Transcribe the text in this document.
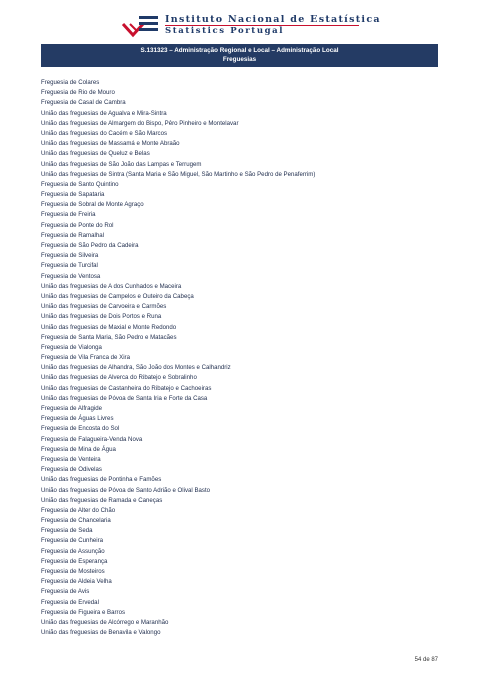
Instituto Nacional de Estatística
Statistics Portugal
S.131323 – Administração Regional e Local – Administração Local
Freguesias
Freguesia de Colares
Freguesia de Rio de Mouro
Freguesia de Casal de Cambra
União das freguesias de Agualva e Mira-Sintra
União das freguesias de Almargem do Bispo, Pêro Pinheiro e Montelavar
União das freguesias do Cacém e São Marcos
União das freguesias de Massamá e Monte Abraão
União das freguesias de Queluz e Belas
União das freguesias de São João das Lampas e Terrugem
União das freguesias de Sintra (Santa Maria e São Miguel, São Martinho e São Pedro de Penaferrim)
Freguesia de Santo Quintino
Freguesia de Sapataria
Freguesia de Sobral de Monte Agraço
Freguesia de Freiria
Freguesia de Ponte do Rol
Freguesia de Ramalhal
Freguesia de São Pedro da Cadeira
Freguesia de Silveira
Freguesia de Turcifal
Freguesia de Ventosa
União das freguesias de A dos Cunhados e Maceira
União das freguesias de Campelos e Outeiro da Cabeça
União das freguesias de Carvoeira e Carmões
União das freguesias de Dois Portos e Runa
União das freguesias de Maxial e Monte Redondo
Freguesia de Santa Maria, São Pedro e Matacães
Freguesia de Vialonga
Freguesia de Vila Franca de Xira
União das freguesias de Alhandra, São João dos Montes e Calhandriz
União das freguesias de Alverca do Ribatejo e Sobralinho
União das freguesias de Castanheira do Ribatejo e Cachoeiras
União das freguesias de Póvoa de Santa Iria e Forte da Casa
Freguesia de Alfragide
Freguesia de Águas Livres
Freguesia de Encosta do Sol
Freguesia de Falagueira-Venda Nova
Freguesia de Mina de Água
Freguesia de Venteira
Freguesia de Odivelas
União das freguesias de Pontinha e Famões
União das freguesias de Póvoa de Santo Adrião e Olival Basto
União das freguesias de Ramada e Caneças
Freguesia de Alter do Chão
Freguesia de Chancelaria
Freguesia de Seda
Freguesia de Cunheira
Freguesia de Assunção
Freguesia de Esperança
Freguesia de Mosteiros
Freguesia de Aldeia Velha
Freguesia de Avis
Freguesia de Ervedal
Freguesia de Figueira e Barros
União das freguesias de Alcórrego e Maranhão
União das freguesias de Benavila e Valongo
54 de 87
